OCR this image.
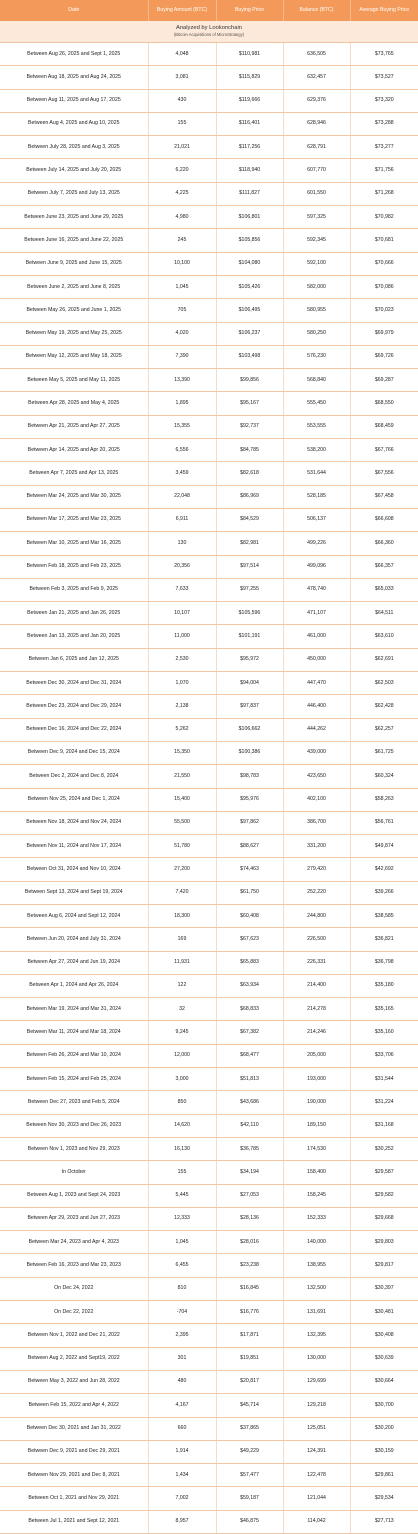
Date	Buying Amount (BTC)	Buying Price	Balance (BTC)	Average Buying Price

Analyzed by Lookonchain
(Bitcoin Acquisitions of MicroStrategy)				

Between Aug 26, 2025 and Sept 1, 2025	4,048	$110,981	636,505	$73,765
Between Aug 18, 2025 and Aug 24, 2025	3,081	$115,829	632,457	$73,527
Between Aug 11, 2025 and Aug 17, 2025	430	$119,666	629,376	$73,320
Between Aug 4, 2025 and Aug 10, 2025	155	$116,401	628,946	$73,288
Between July 28, 2025 and Aug 3, 2025	21,021	$117,256	628,791	$73,277
Between July 14, 2025 and July 20, 2025	6,220	$118,940	607,770	$71,756
Between July 7, 2025 and July 13, 2025	4,225	$111,827	601,550	$71,268
Between June 23, 2025 and June 29, 2025	4,980	$106,801	597,325	$70,982
Between June 16, 2025 and June 22, 2025	245	$105,856	592,345	$70,681
Between June 9, 2025 and June 15, 2025	10,100	$104,080	592,100	$70,666
Between June 2, 2025 and June 8, 2025	1,045	$105,426	582,000	$70,086
Between May 26, 2025 and June 1, 2025	705	$106,495	580,955	$70,023
Between May 19, 2025 and May 25, 2025	4,020	$106,237	580,250	$69,979
Between May 12, 2025 and May 18, 2025	7,390	$103,498	576,230	$69,726
Between May 5, 2025 and May 11, 2025	13,390	$99,856	568,840	$69,287
Between Apr 28, 2025 and May 4, 2025	1,895	$95,167	555,450	$68,550
Between Apr 21, 2025 and Apr 27, 2025	15,355	$92,737	553,555	$68,459
Between Apr 14, 2025 and Apr 20, 2025	6,556	$84,785	538,200	$67,766
Between Apr 7, 2025 and Apr 13, 2025	3,459	$82,618	531,644	$67,556
Between Mar 24, 2025 and Mar 30, 2025	22,048	$86,969	528,185	$67,458
Between Mar 17, 2025 and Mar 23, 2025	6,911	$84,529	506,137	$66,608
Between Mar 10, 2025 and Mar 16, 2025	130	$82,981	499,226	$66,360
Between Feb 18, 2025 and Feb 23, 2025	20,356	$97,514	499,096	$66,357
Between Feb 3, 2025 and Feb 9, 2025	7,633	$97,255	478,740	$65,033
Between Jan 21, 2025 and Jan 26, 2025	10,107	$105,596	471,107	$64,511
Between Jan 13, 2025 and Jan 20, 2025	11,000	$101,191	461,000	$63,610
Between Jan 6, 2025 and Jan 12, 2025	2,530	$95,972	450,000	$62,691
Between Dec 30, 2024 and Dec 31, 2024	1,070	$94,004	447,470	$62,503
Between Dec 23, 2024 and Dec 29, 2024	2,138	$97,837	446,400	$62,428
Between Dec 16, 2024 and Dec 22, 2024	5,262	$106,662	444,262	$62,257
Between Dec 9, 2024 and Dec 15, 2024	15,350	$100,386	439,000	$61,725
Between Dec 2, 2024 and Dec 8, 2024	21,550	$98,783	423,650	$60,324
Between Nov 25, 2024 and Dec 1, 2024	15,400	$95,976	402,100	$58,263
Between Nov 18, 2024 and Nov 24, 2024	55,500	$97,862	386,700	$56,761
Between Nov 11, 2024 and Nov 17, 2024	51,780	$88,627	331,200	$49,874
Between Oct 31, 2024 and Nov 10, 2024	27,200	$74,463	279,420	$42,692
Between Sept 13, 2024 and Sept 19, 2024	7,420	$61,750	252,220	$39,266
Between Aug 6, 2024 and Sept 12, 2024	18,300	$60,408	244,800	$38,585
Between Jun 20, 2024 and July 31, 2024	169	$67,623	226,500	$36,821
Between Apr 27, 2024 and Jun 19, 2024	11,931	$65,883	226,331	$36,798
Between Apr 1, 2024 and Apr 26, 2024	122	$63,934	214,400	$35,180
Between Mar 19, 2024 and Mar 31, 2024	32	$68,833	214,278	$35,165
Between Mar 11, 2024 and Mar 18, 2024	9,245	$67,382	214,246	$35,160
Between Feb 26, 2024 and Mar 10, 2024	12,000	$68,477	205,000	$33,706
Between Feb 15, 2024 and Feb 25, 2024	3,000	$51,813	193,000	$31,544
Between Dec 27, 2023 and Feb 5, 2024	850	$43,686	190,000	$31,224
Between Nov 30, 2023 and Dec 26, 2023	14,620	$42,110	189,150	$31,168
Between Nov 1, 2023 and Nov 29, 2023	16,130	$36,785	174,530	$30,252
In October	155	$34,194	158,400	$29,587
Between Aug 1, 2023 and Sept 24, 2023	5,445	$27,053	158,245	$29,582
Between Apr 29, 2023 and Jun 27, 2023	12,333	$28,136	152,333	$29,668
Between Mar 24, 2023 and Apr 4, 2023	1,045	$28,016	140,000	$29,803
Between Feb 16, 2023 and Mar 23, 2023	6,455	$23,238	138,955	$29,817
On Dec 24, 2022	810	$16,845	132,500	$30,397
On Dec 22, 2022	-704	$16,776	131,691	$30,481
Between Nov 1, 2022 and Dec 21, 2022	2,395	$17,871	132,395	$30,408
Between Aug 2, 2022 and Sept19, 2022	301	$19,851	130,000	$30,639
Between May 3, 2022 and Jun 28, 2022	480	$20,817	129,699	$30,664
Between Feb 15, 2022 and Apr 4, 2022	4,167	$45,714	129,218	$30,700
Between Dec 30, 2021 and Jan 31, 2022	660	$37,865	125,051	$30,200
Between Dec 9, 2021 and Dec 29, 2021	1,914	$49,229	124,391	$30,159
Between Nov 29, 2021 and Dec 8, 2021	1,434	$57,477	122,478	$29,861
Between Oct 1, 2021 and Nov 29, 2021	7,002	$59,187	121,044	$29,534
Between Jul 1, 2021 and Sept 12, 2021	8,957	$46,875	114,042	$27,713
